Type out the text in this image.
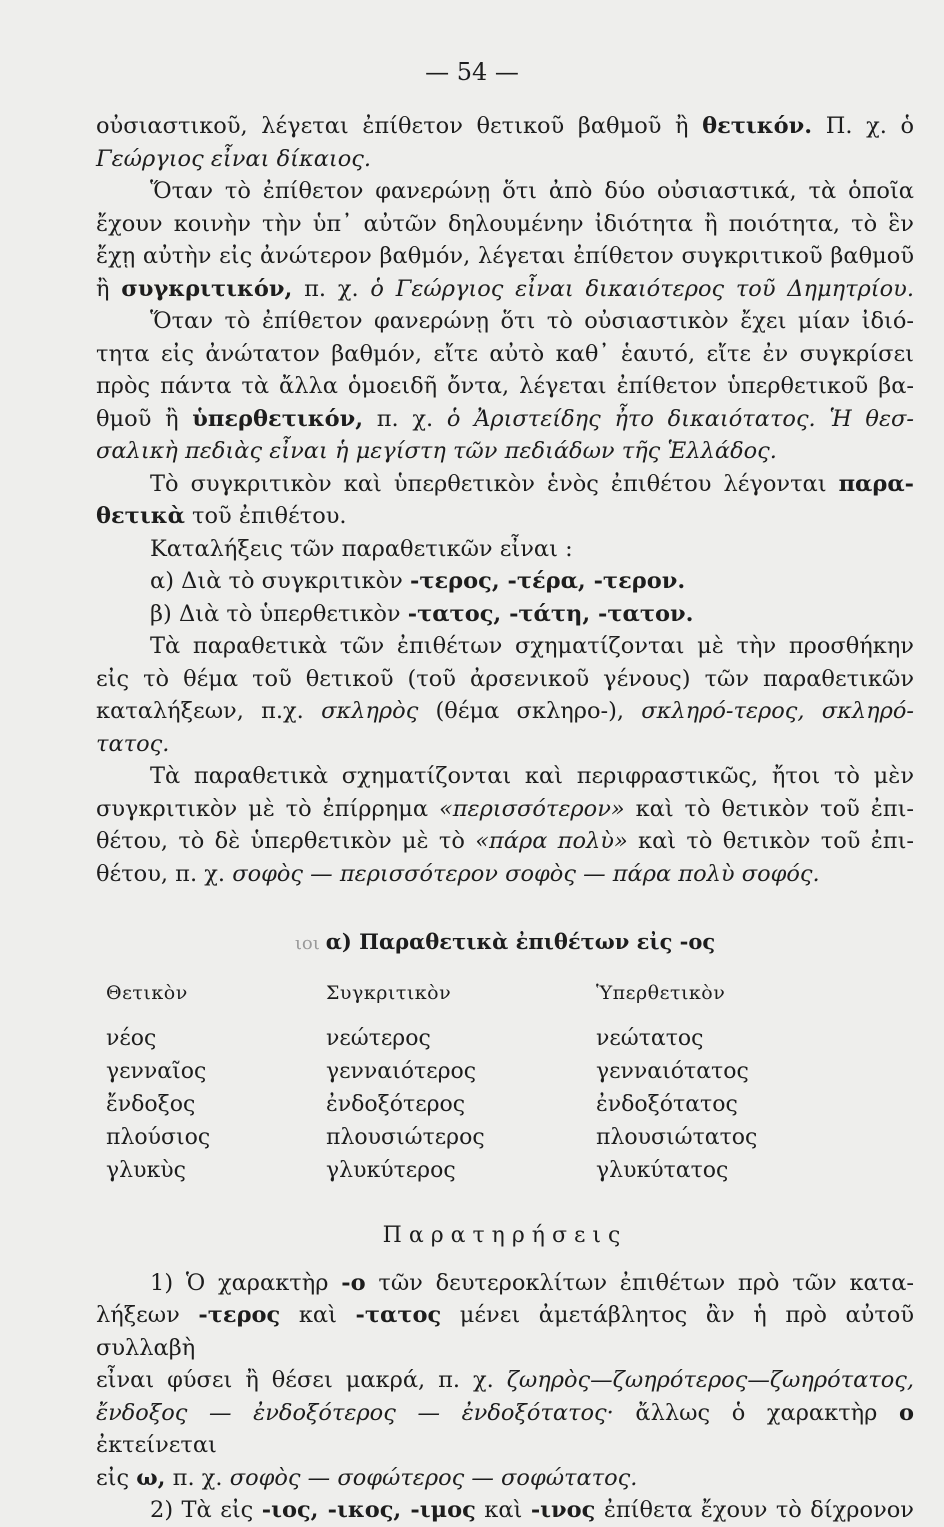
— 54 —
οὐσιαστικοῦ, λέγεται ἐπίθετον θετικοῦ βαθμοῦ ἢ θετικόν. Π. χ. ὁ
Γεώργιος εἶναι δίκαιος.
Ὅταν τὸ ἐπίθετον φανερώνῃ ὅτι ἀπὸ δύο οὐσιαστικά, τὰ ὁποῖα
ἔχουν κοινὴν τὴν ὑπ᾽ αὐτῶν δηλουμένην ἰδιότητα ἢ ποιότητα, τὸ ἓν
ἔχῃ αὐτὴν εἰς ἀνώτερον βαθμόν, λέγεται ἐπίθετον συγκριτικοῦ βαθμοῦ
ἢ συγκριτικόν, π. χ. ὁ Γεώργιος εἶναι δικαιότερος τοῦ Δημητρίου.
Ὅταν τὸ ἐπίθετον φανερώνῃ ὅτι τὸ οὐσιαστικὸν ἔχει μίαν ἰδιό-
τητα εἰς ἀνώτατον βαθμόν, εἴτε αὐτὸ καθ᾽ ἑαυτό, εἴτε ἐν συγκρίσει
πρὸς πάντα τὰ ἄλλα ὁμοειδῆ ὄντα, λέγεται ἐπίθετον ὑπερθετικοῦ βα-
θμοῦ ἢ ὑπερθετικόν, π. χ. ὁ Ἀριστείδης ἦτο δικαιότατος. Ἡ θεσ-
σαλικὴ πεδιὰς εἶναι ἡ μεγίστη τῶν πεδιάδων τῆς Ἑλλάδος.
Τὸ συγκριτικὸν καὶ ὑπερθετικὸν ἑνὸς ἐπιθέτου λέγονται παρα-
θετικὰ τοῦ ἐπιθέτου.
Καταλήξεις τῶν παραθετικῶν εἶναι :
α) Διὰ τὸ συγκριτικὸν -τερος, -τέρα, -τερον.
β) Διὰ τὸ ὑπερθετικὸν -τατος, -τάτη, -τατον.
Τὰ παραθετικὰ τῶν ἐπιθέτων σχηματίζονται μὲ τὴν προσθήκην
εἰς τὸ θέμα τοῦ θετικοῦ (τοῦ ἀρσενικοῦ γένους) τῶν παραθετικῶν
καταλήξεων, π.χ. σκληρὸς (θέμα σκληρο-), σκληρό-τερος, σκληρό-τατος.
Τὰ παραθετικὰ σχηματίζονται καὶ περιφραστικῶς, ἤτοι τὸ μὲν
συγκριτικὸν μὲ τὸ ἐπίρρημα «περισσότερον» καὶ τὸ θετικὸν τοῦ ἐπι-
θέτου, τὸ δὲ ὑπερθετικὸν μὲ τὸ «πάρα πολὺ» καὶ τὸ θετικὸν τοῦ ἐπι-
θέτου, π. χ. σοφὸς — περισσότερον σοφὸς — πάρα πολὺ σοφός.
ιοι α) Παραθετικὰ ἐπιθέτων εἰς -ος
Θετικὸν	Συγκριτικὸν	Ὑπερθετικὸν
νέος	νεώτερος	νεώτατος
γενναῖος	γενναιότερος	γενναιότατος
ἔνδοξος	ἐνδοξότερος	ἐνδοξότατος
πλούσιος	πλουσιώτερος	πλουσιώτατος
γλυκὺς	γλυκύτερος	γλυκύτατος
Παρατηρήσεις
1) Ὁ χαρακτὴρ -ο τῶν δευτεροκλίτων ἐπιθέτων πρὸ τῶν κατα-
λήξεων -τερος καὶ -τατος μένει ἀμετάβλητος ἂν ἡ πρὸ αὐτοῦ συλλαβὴ
εἶναι φύσει ἢ θέσει μακρά, π. χ. ζωηρὸς—ζωηρότερος—ζωηρότατος,
ἔνδοξος — ἐνδοξότερος — ἐνδοξότατος· ἄλλως ὁ χαρακτὴρ ο ἐκτείνεται
εἰς ω, π. χ. σοφὸς — σοφώτερος — σοφώτατος.
2) Τὰ εἰς -ιος, -ικος, -ιμος καὶ -ινος ἐπίθετα ἔχουν τὸ δίχρονον
